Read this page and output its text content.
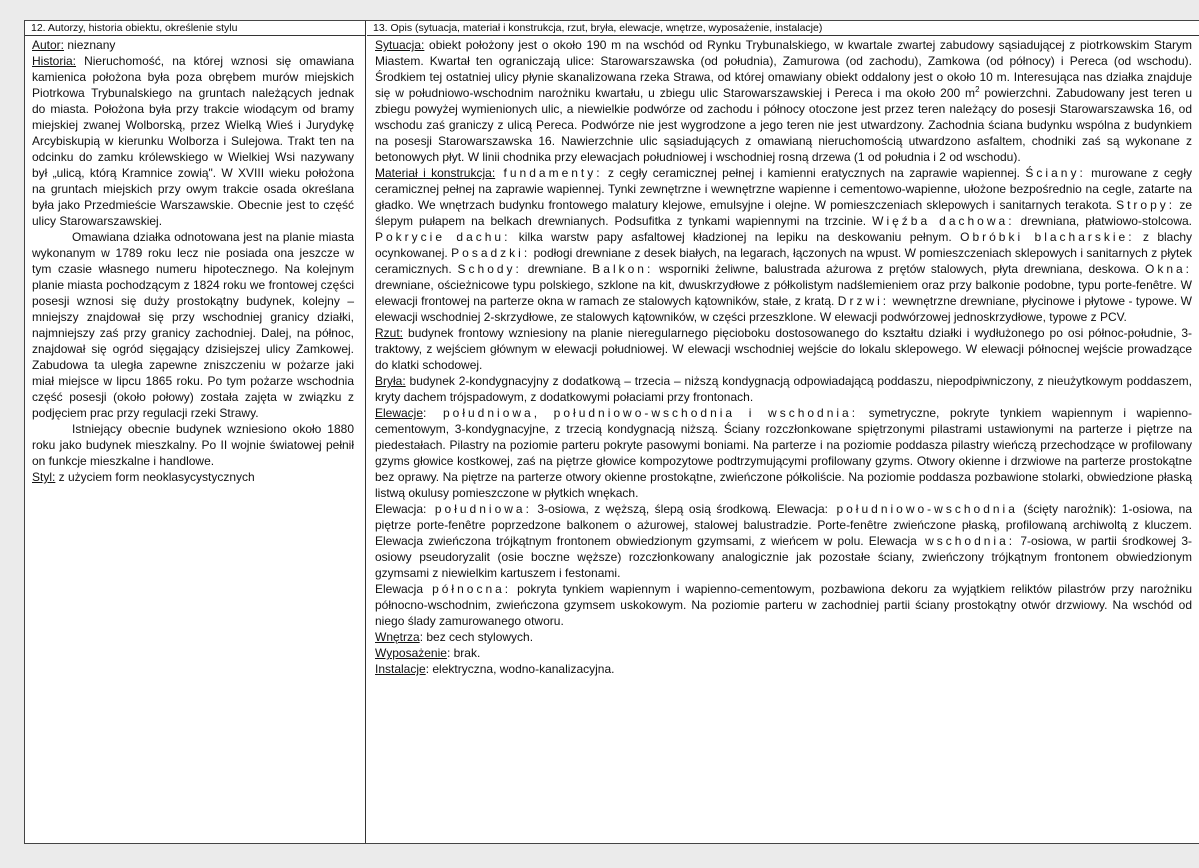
12. Autorzy, historia obiektu, określenie stylu

Autor: nieznany

Historia: Nieruchomość, na której wznosi się omawiana kamienica położona była poza obrębem murów miejskich Piotrkowa Trybunalskiego na gruntach należących jednak do miasta. Położona była przy trakcie wiodącym od bramy miejskiej zwanej Wolborską, przez Wielką Wieś i Jurydykę Arcybiskupią w kierunku Wolborza i Sulejowa. Trakt ten na odcinku do zamku królewskiego w Wielkiej Wsi nazywany był „ulicą, którą Kramnice zowią". W XVIII wieku położona na gruntach miejskich przy owym trakcie osada określana była jako Przedmieście Warszawskie. Obecnie jest to część ulicy Starowarszawskiej.

Omawiana działka odnotowana jest na planie miasta wykonanym w 1789 roku lecz nie posiada ona jeszcze w tym czasie własnego numeru hipotecznego. Na kolejnym planie miasta pochodzącym z 1824 roku we frontowej części posesji wznosi się duży prostokątny budynek, kolejny – mniejszy znajdował się przy wschodniej granicy działki, najmniejszy zaś przy granicy zachodniej. Dalej, na północ, znajdował się ogród sięgający dzisiejszej ulicy Zamkowej. Zabudowa ta uległa zapewne zniszczeniu w pożarze jaki miał miejsce w lipcu 1865 roku. Po tym pożarze wschodnia część posesji (około połowy) została zajęta w związku z podjęciem prac przy regulacji rzeki Strawy.

Istniejący obecnie budynek wzniesiono około 1880 roku jako budynek mieszkalny. Po II wojnie światowej pełnił on funkcje mieszkalne i handlowe.

Styl: z użyciem form neoklasycystycznych

13. Opis (sytuacja, materiał i konstrukcja, rzut, bryła, elewacje, wnętrze, wyposażenie, instalacje)

Sytuacja: obiekt położony jest o około 190 m na wschód od Rynku Trybunalskiego, w kwartale zwartej zabudowy sąsiadującej z piotrkowskim Starym Miastem. Kwartał ten ograniczają ulice: Starowarszawska (od południa), Zamurowa (od zachodu), Zamkowa (od północy) i Pereca (od wschodu). Środkiem tej ostatniej ulicy płynie skanalizowana rzeka Strawa, od której omawiany obiekt oddalony jest o około 10 m. Interesująca nas działka znajduje się w południowo-wschodnim narożniku kwartału, u zbiegu ulic Starowarszawskiej i Pereca i ma około 200 $m^2$ powierzchni. Zabudowany jest teren u zbiegu powyżej wymienionych ulic, a niewielkie podwórze od zachodu i północy otoczone jest przez teren należący do posesji Starowarszawska 16, od wschodu zaś graniczy z ulicą Pereca. Podwórze nie jest wygrodzone a jego teren nie jest utwardzony. Zachodnia ściana budynku wspólna z budynkiem na posesji Starowarszawska 16. Nawierzchnie ulic sąsiadujących z omawianą nieruchomością utwardzono asfaltem, chodniki zaś są wykonane z betonowych płyt. W linii chodnika przy elewacjach południowej i wschodniej rosną drzewa (1 od południa i 2 od wschodu).

Materiał i konstrukcja: fundamenty: z cegły ceramicznej pełnej i kamienni eratycznych na zaprawie wapiennej. Ściany: murowane z cegły ceramicznej pełnej na zaprawie wapiennej. Tynki zewnętrzne i wewnętrzne wapienne i cementowo-wapienne, ułożone bezpośrednio na cegle, zatarte na gładko. We wnętrzach budynku frontowego malatury klejowe, emulsyjne i olejne. W pomieszczeniach sklepowych i sanitarnych terakota. Stropy: ze ślepym pułapem na belkach drewnianych. Podsufitka z tynkami wapiennymi na trzcinie. Więźba dachowa: drewniana, płatwiowo-stolcowa. Pokrycie dachu: kilka warstw papy asfaltowej kładzionej na lepiku na deskowaniu pełnym. Obróbki blacharskie: z blachy ocynkowanej. Posadzki: podłogi drewniane z desek białych, na legarach, łączonych na wpust. W pomieszczeniach sklepowych i sanitarnych z płytek ceramicznych. Schody: drewniane. Balkon: wsporniki żeliwne, balustrada ażurowa z prętów stalowych, płyta drewniana, deskowa. Okna: drewniane, ościeżnicowe typu polskiego, szklone na kit, dwuskrzydłowe z półkolistym nadślemieniem oraz przy balkonie podobne, typu porte-fenêtre. W elewacji frontowej na parterze okna w ramach ze stalowych kątowników, stałe, z kratą. Drzwi: wewnętrzne drewniane, płycinowe i płytowe - typowe. W elewacji wschodniej 2-skrzydłowe, ze stalowych kątowników, w części przeszklone. W elewacji podwórzowej jednoskrzydłowe, typowe z PCV.

Rzut: budynek frontowy wzniesiony na planie nieregularnego pięcioboku dostosowanego do kształtu działki i wydłużonego po osi północ-południe, 3-traktowy, z wejściem głównym w elewacji południowej. W elewacji wschodniej wejście do lokalu sklepowego. W elewacji północnej wejście prowadzące do klatki schodowej.

Bryła: budynek 2-kondygnacyjny z dodatkową – trzecia – niższą kondygnacją odpowiadającą poddaszu, niepodpiwniczony, z nieużytkowym poddaszem, kryty dachem trójspadowym, z dodatkowymi połaciami przy frontonach.

Elewacje: południowa, południowo-wschodnia i wschodnia: symetryczne, pokryte tynkiem wapiennym i wapienno-cementowym, 3-kondygnacyjne, z trzecią kondygnacją niższą. Ściany rozczłonkowane spiętrzonymi pilastrami ustawionymi na parterze i piętrze na piedestałach. Pilastry na poziomie parteru pokryte pasowymi boniami. Na parterze i na poziomie poddasza pilastry wieńczą przechodzące w profilowany gzyms głowice kostkowej, zaś na piętrze głowice kompozytowe podtrzymującymi profilowany gzyms. Otwory okienne i drzwiowe na parterze prostokątne bez oprawy. Na piętrze na parterze otwory okienne prostokątne, zwieńczone półkoliście. Na poziomie poddasza pozbawione stolarki, obwiedzione płaską listwą okulusy pomieszczone w płytkich wnękach.

Elewacja: południowa: 3-osiowa, z węższą, ślepą osią środkową. Elewacja: południowo-wschodnia (ścięty narożnik): 1-osiowa, na piętrze porte-fenêtre poprzedzone balkonem o ażurowej, stalowej balustradzie. Porte-fenêtre zwieńczone płaską, profilowaną archiwoltą z kluczem. Elewacja zwieńczona trójkątnym frontonem obwiedzionym gzymsami, z wieńcem w polu. Elewacja wschodnia: 7-osiowa, w partii środkowej 3-osiowy pseudoryzalit (osie boczne węższe) rozczłonkowany analogicznie jak pozostałe ściany, zwieńczony trójkątnym frontonem obwiedzionym gzymsami z niewielkim kartuszem i festonami.

Elewacja północna: pokryta tynkiem wapiennym i wapienno-cementowym, pozbawiona dekoru za wyjątkiem reliktów pilastrów przy narożniku północno-wschodnim, zwieńczona gzymsem uskokowym. Na poziomie parteru w zachodniej partii ściany prostokątny otwór drzwiowy. Na wschód od niego ślady zamurowanego otworu.

Wnętrza: bez cech stylowych.

Wyposażenie: brak.

Instalacje: elektryczna, wodno-kanalizacyjna.
